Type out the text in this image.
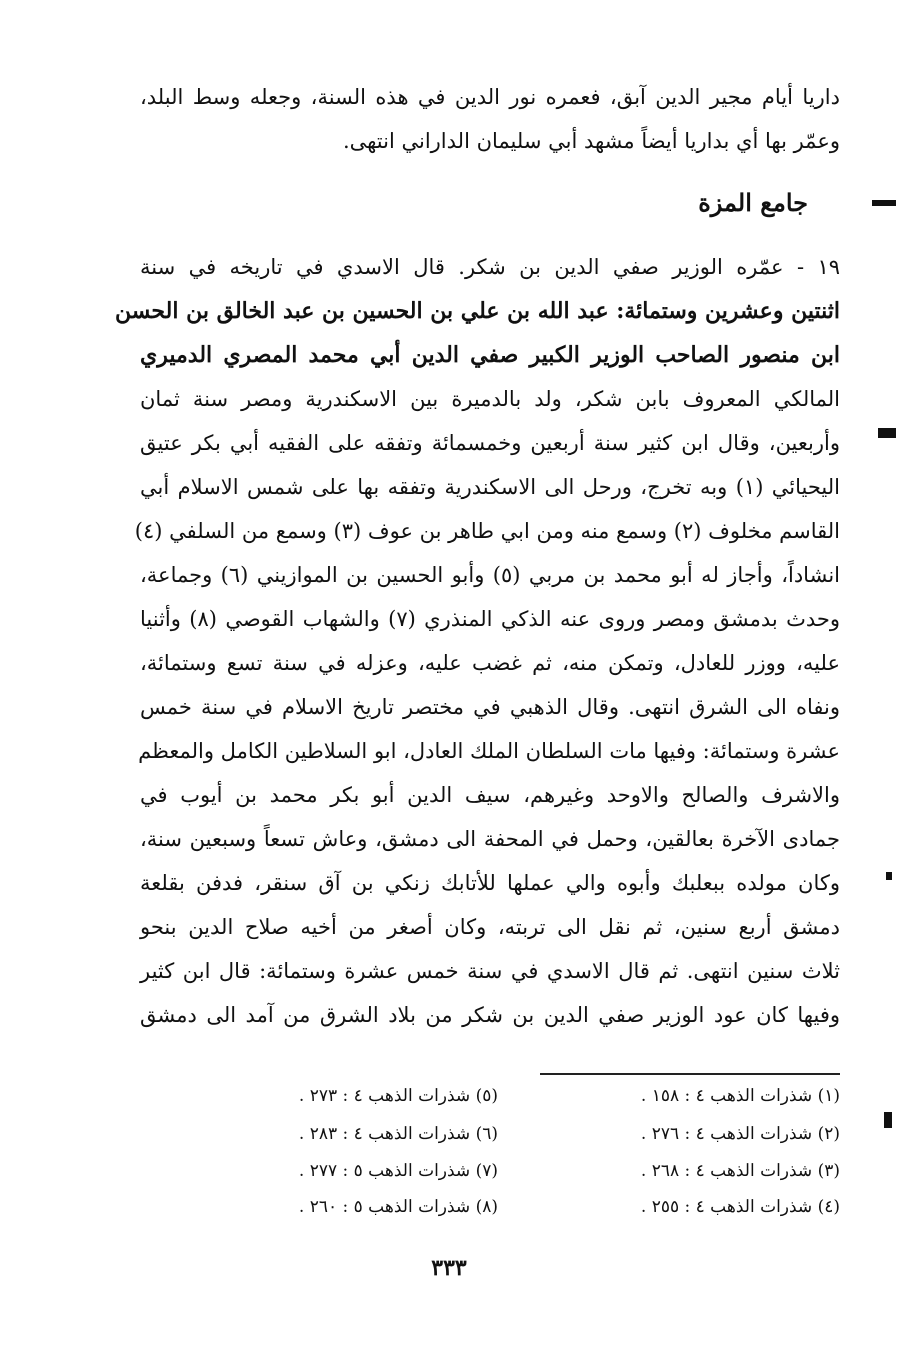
داريا أيام مجير الدين آبق، فعمره نور الدين في هذه السنة، وجعله وسط البلد،
وعمّر بها أي بداريا أيضاً مشهد أبي سليمان الداراني انتهى.
جامع المزة
١٩ - عمّره الوزير صفي الدين بن شكر. قال الاسدي في تاريخه في سنة
اثنتين وعشرين وستمائة: عبد الله بن علي بن الحسين بن عبد الخالق بن الحسن
ابن منصور الصاحب الوزير الكبير صفي الدين أبي محمد المصري الدميري
المالكي المعروف بابن شكر، ولد بالدميرة بين الاسكندرية ومصر سنة ثمان
وأربعين، وقال ابن كثير سنة أربعين وخمسمائة وتفقه على الفقيه أبي بكر عتيق
اليحيائي (١) وبه تخرج، ورحل الى الاسكندرية وتفقه بها على شمس الاسلام أبي
القاسم مخلوف (٢) وسمع منه ومن ابي طاهر بن عوف (٣) وسمع من السلفي (٤)
انشاداً، وأجاز له أبو محمد بن مربي (٥) وأبو الحسين بن الموازيني (٦) وجماعة،
وحدث بدمشق ومصر وروى عنه الذكي المنذري (٧) والشهاب القوصي (٨) وأثنيا
عليه، ووزر للعادل، وتمكن منه، ثم غضب عليه، وعزله في سنة تسع وستمائة،
ونفاه الى الشرق انتهى. وقال الذهبي في مختصر تاريخ الاسلام في سنة خمس
عشرة وستمائة: وفيها مات السلطان الملك العادل، ابو السلاطين الكامل والمعظم
والاشرف والصالح والاوحد وغيرهم، سيف الدين أبو بكر محمد بن أيوب في
جمادى الآخرة بعالقين، وحمل في المحفة الى دمشق، وعاش تسعاً وسبعين سنة،
وكان مولده ببعلبك وأبوه والي عملها للأتابك زنكي بن آق سنقر، فدفن بقلعة
دمشق أربع سنين، ثم نقل الى تربته، وكان أصغر من أخيه صلاح الدين بنحو
ثلاث سنين انتهى. ثم قال الاسدي في سنة خمس عشرة وستمائة: قال ابن كثير
وفيها كان عود الوزير صفي الدين بن شكر من بلاد الشرق من آمد الى دمشق
(١) شذرات الذهب ٤ : ١٥٨ .
(٢) شذرات الذهب ٤ : ٢٧٦ .
(٣) شذرات الذهب ٤ : ٢٦٨ .
(٤) شذرات الذهب ٤ : ٢٥٥ .
(٥) شذرات الذهب ٤ : ٢٧٣ .
(٦) شذرات الذهب ٤ : ٢٨٣ .
(٧) شذرات الذهب ٥ : ٢٧٧ .
(٨) شذرات الذهب ٥ : ٢٦٠ .
٣٣٣
